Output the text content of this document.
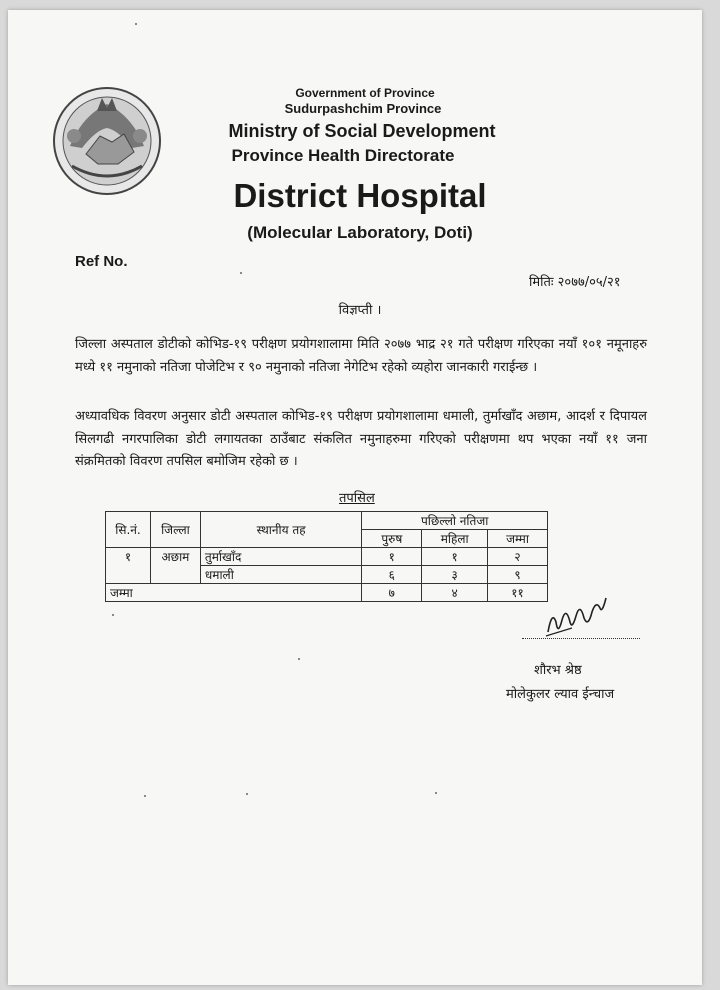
Government of Province
Sudurpashchim Province
Ministry of Social Development
Province Health Directorate
District Hospital
(Molecular Laboratory, Doti)
Ref No.
मितिः २०७७/०५/२१
विज्ञप्ती ।
जिल्ला अस्पताल डोटीको कोभिड-१९ परीक्षण प्रयोगशालामा मिति २०७७ भाद्र २१ गते परीक्षण गरिएका नयाँ १०१ नमूनाहरु मध्ये ११ नमुनाको नतिजा पोजेटिभ र ९० नमुनाको नतिजा नेगेटिभ रहेको व्यहोरा जानकारी गराईन्छ ।
अध्यावधिक विवरण अनुसार डोटी अस्पताल कोभिड-१९ परीक्षण प्रयोगशालामा धमाली, तुर्माखाँद अछाम, आदर्श र दिपायल सिलगढी नगरपालिका डोटी लगायतका ठाउँबाट संकलित नमुनाहरुमा गरिएको परीक्षणमा थप भएका नयाँ ११ जना संक्रमितको विवरण तपसिल बमोजिम रहेको छ ।
तपसिल
सि.नं.	जिल्ला	स्थानीय तह	पछिल्लो नतिजा		
			पुरुष	महिला	जम्मा
१	अछाम	तुर्माखाँद	१	१	२
		धमाली	६	३	९
जम्मा			७	४	११
शौरभ श्रेष्ठ
मोलेकुलर ल्याव ईन्चाज
